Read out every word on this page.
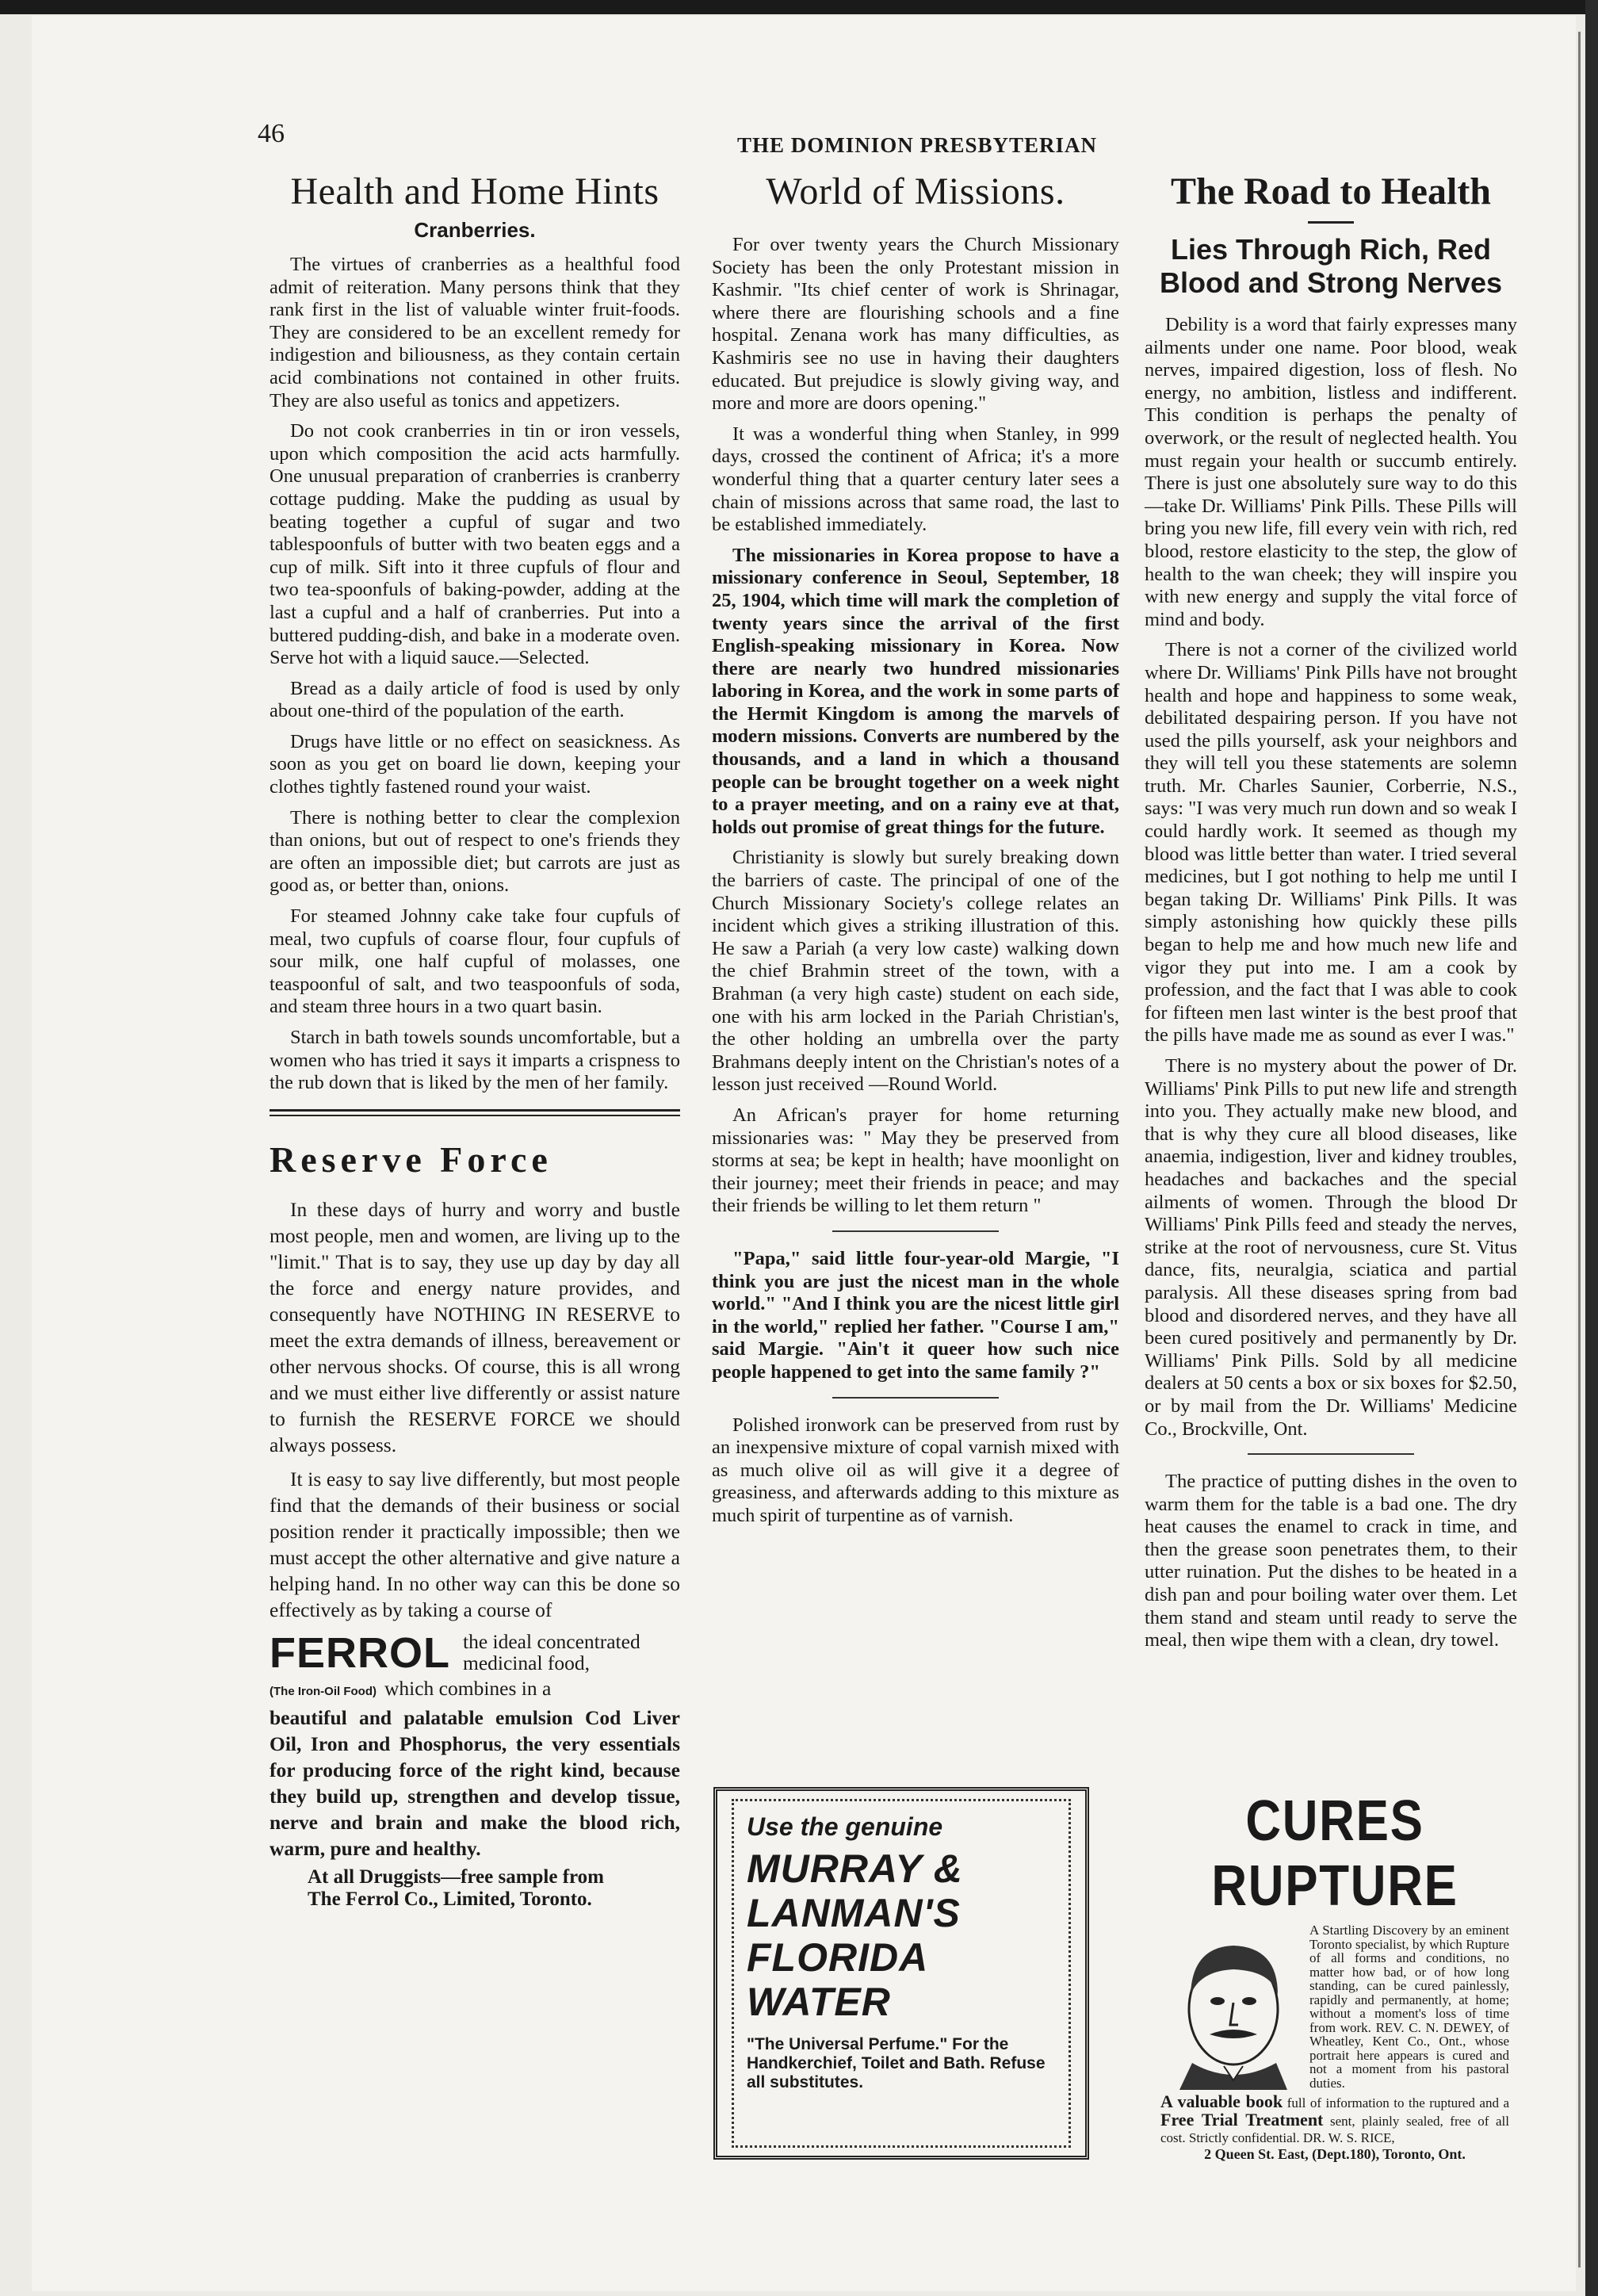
46	THE DOMINION PRESBYTERIAN
Health and Home Hints
Cranberries.

The virtues of cranberries as a healthful food admit of reiteration. Many persons think that they rank first in the list of valuable winter fruit-foods. They are considered to be an excellent remedy for indigestion and biliousness, as they contain certain acid combinations not contained in other fruits. They are also useful as tonics and appetizers.

Do not cook cranberries in tin or iron vessels, upon which composition the acid acts harmfully. One unusual preparation of cranberries is cranberry cottage pudding. Make the pudding as usual by beating together a cupful of sugar and two tablespoonfuls of butter with two beaten eggs and a cup of milk. Sift into it three cupfuls of flour and two tea-spoonfuls of baking-powder, adding at the last a cupful and a half of cranberries. Put into a buttered pudding-dish, and bake in a moderate oven. Serve hot with a liquid sauce.—Selected.

Bread as a daily article of food is used by only about one-third of the population of the earth.

Drugs have little or no effect on seasickness. As soon as you get on board lie down, keeping your clothes tightly fastened round your waist.

There is nothing better to clear the complexion than onions, but out of respect to one's friends they are often an impossible diet; but carrots are just as good as, or better than, onions.

For steamed Johnny cake take four cupfuls of meal, two cupfuls of coarse flour, four cupfuls of sour milk, one half cupful of molasses, one teaspoonful of salt, and two teaspoonfuls of soda, and steam three hours in a two quart basin.

Starch in bath towels sounds uncomfortable, but a women who has tried it says it imparts a crispness to the rub down that is liked by the men of her family.

Reserve Force

In these days of hurry and worry and bustle most people, men and women, are living up to the "limit." That is to say, they use up day by day all the force and energy nature provides, and consequently have NOTHING IN RESERVE to meet the extra demands of illness, bereavement or other nervous shocks. Of course, this is all wrong and we must either live differently or assist nature to furnish the RESERVE FORCE we should always possess.

It is easy to say live differently, but most people find that the demands of their business or social position render it practically impossible; then we must accept the other alternative and give nature a helping hand. In no other way can this be done so effectively as by taking a course of

FERROL the ideal concentrated medicinal food,

(The Iron-Oil Food) which combines in a

beautiful and palatable emulsion Cod Liver Oil, Iron and Phosphorus, the very essentials for producing force of the right kind, because they build up, strengthen and develop tissue, nerve and brain and make the blood rich, warm, pure and healthy.

At all Druggists—free sample from
The Ferrol Co., Limited, Toronto.
World of Missions.

For over twenty years the Church Missionary Society has been the only Protestant mission in Kashmir. "Its chief center of work is Shrinagar, where there are flourishing schools and a fine hospital. Zenana work has many difficulties, as Kashmiris see no use in having their daughters educated. But prejudice is slowly giving way, and more and more are doors opening."

It was a wonderful thing when Stanley, in 999 days, crossed the continent of Africa; it's a more wonderful thing that a quarter century later sees a chain of missions across that same road, the last to be established immediately.

The missionaries in Korea propose to have a missionary conference in Seoul, September, 18 25, 1904, which time will mark the completion of twenty years since the arrival of the first English-speaking missionary in Korea. Now there are nearly two hundred missionaries laboring in Korea, and the work in some parts of the Hermit Kingdom is among the marvels of modern missions. Converts are numbered by the thousands, and a land in which a thousand people can be brought together on a week night to a prayer meeting, and on a rainy eve at that, holds out promise of great things for the future.

Christianity is slowly but surely breaking down the barriers of caste. The principal of one of the Church Missionary Society's college relates an incident which gives a striking illustration of this. He saw a Pariah (a very low caste) walking down the chief Brahmin street of the town, with a Brahman (a very high caste) student on each side, one with his arm locked in the Pariah Christian's, the other holding an umbrella over the party Brahmans deeply intent on the Christian's notes of a lesson just received —Round World.

An African's prayer for home returning missionaries was: " May they be preserved from storms at sea; be kept in health; have moonlight on their journey; meet their friends in peace; and may their friends be willing to let them return "

"Papa," said little four-year-old Margie, "I think you are just the nicest man in the whole world." "And I think you are the nicest little girl in the world," replied her father. "Course I am," said Margie. "Ain't it queer how such nice people happened to get into the same family ?"

Polished ironwork can be preserved from rust by an inexpensive mixture of copal varnish mixed with as much olive oil as will give it a degree of greasiness, and afterwards adding to this mixture as much spirit of turpentine as of varnish.

Use the genuine
MURRAY &
LANMAN'S
FLORIDA
WATER
"The Universal Perfume." For the Handkerchief, Toilet and Bath. Refuse all substitutes.
The Road to Health
Lies Through Rich, Red Blood and Strong Nerves

Debility is a word that fairly expresses many ailments under one name. Poor blood, weak nerves, impaired digestion, loss of flesh. No energy, no ambition, listless and indifferent. This condition is perhaps the penalty of overwork, or the result of neglected health. You must regain your health or succumb entirely. There is just one absolutely sure way to do this—take Dr. Williams' Pink Pills. These Pills will bring you new life, fill every vein with rich, red blood, restore elasticity to the step, the glow of health to the wan cheek; they will inspire you with new energy and supply the vital force of mind and body.

There is not a corner of the civilized world where Dr. Williams' Pink Pills have not brought health and hope and happiness to some weak, debilitated despairing person. If you have not used the pills yourself, ask your neighbors and they will tell you these statements are solemn truth. Mr. Charles Saunier, Corberrie, N.S., says: "I was very much run down and so weak I could hardly work. It seemed as though my blood was little better than water. I tried several medicines, but I got nothing to help me until I began taking Dr. Williams' Pink Pills. It was simply astonishing how quickly these pills began to help me and how much new life and vigor they put into me. I am a cook by profession, and the fact that I was able to cook for fifteen men last winter is the best proof that the pills have made me as sound as ever I was."

There is no mystery about the power of Dr. Williams' Pink Pills to put new life and strength into you. They actually make new blood, and that is why they cure all blood diseases, like anaemia, indigestion, liver and kidney troubles, headaches and backaches and the special ailments of women. Through the blood Dr Williams' Pink Pills feed and steady the nerves, strike at the root of nervousness, cure St. Vitus dance, fits, neuralgia, sciatica and partial paralysis. All these diseases spring from bad blood and disordered nerves, and they have all been cured positively and permanently by Dr. Williams' Pink Pills. Sold by all medicine dealers at 50 cents a box or six boxes for $2.50, or by mail from the Dr. Williams' Medicine Co., Brockville, Ont.

The practice of putting dishes in the oven to warm them for the table is a bad one. The dry heat causes the enamel to crack in time, and then the grease soon penetrates them, to their utter ruination. Put the dishes to be heated in a dish pan and pour boiling water over them. Let them stand and steam until ready to serve the meal, then wipe them with a clean, dry towel.

CURES RUPTURE
A Startling Discovery by an eminent Toronto specialist, by which Rupture of all forms and conditions, no matter how bad, or of how long standing, can be cured painlessly, rapidly and permanently, at home; without a moment's loss of time from work. REV. C. N. DEWEY, of Wheatley, Kent Co., Ont., whose portrait here appears is cured and not a moment from his pastoral duties.
A valuable book full of information to the ruptured and a Free Trial Treatment sent, plainly sealed, free of all cost. Strictly confidential. DR. W. S. RICE,
2 Queen St. East, (Dept.180), Toronto, Ont.
